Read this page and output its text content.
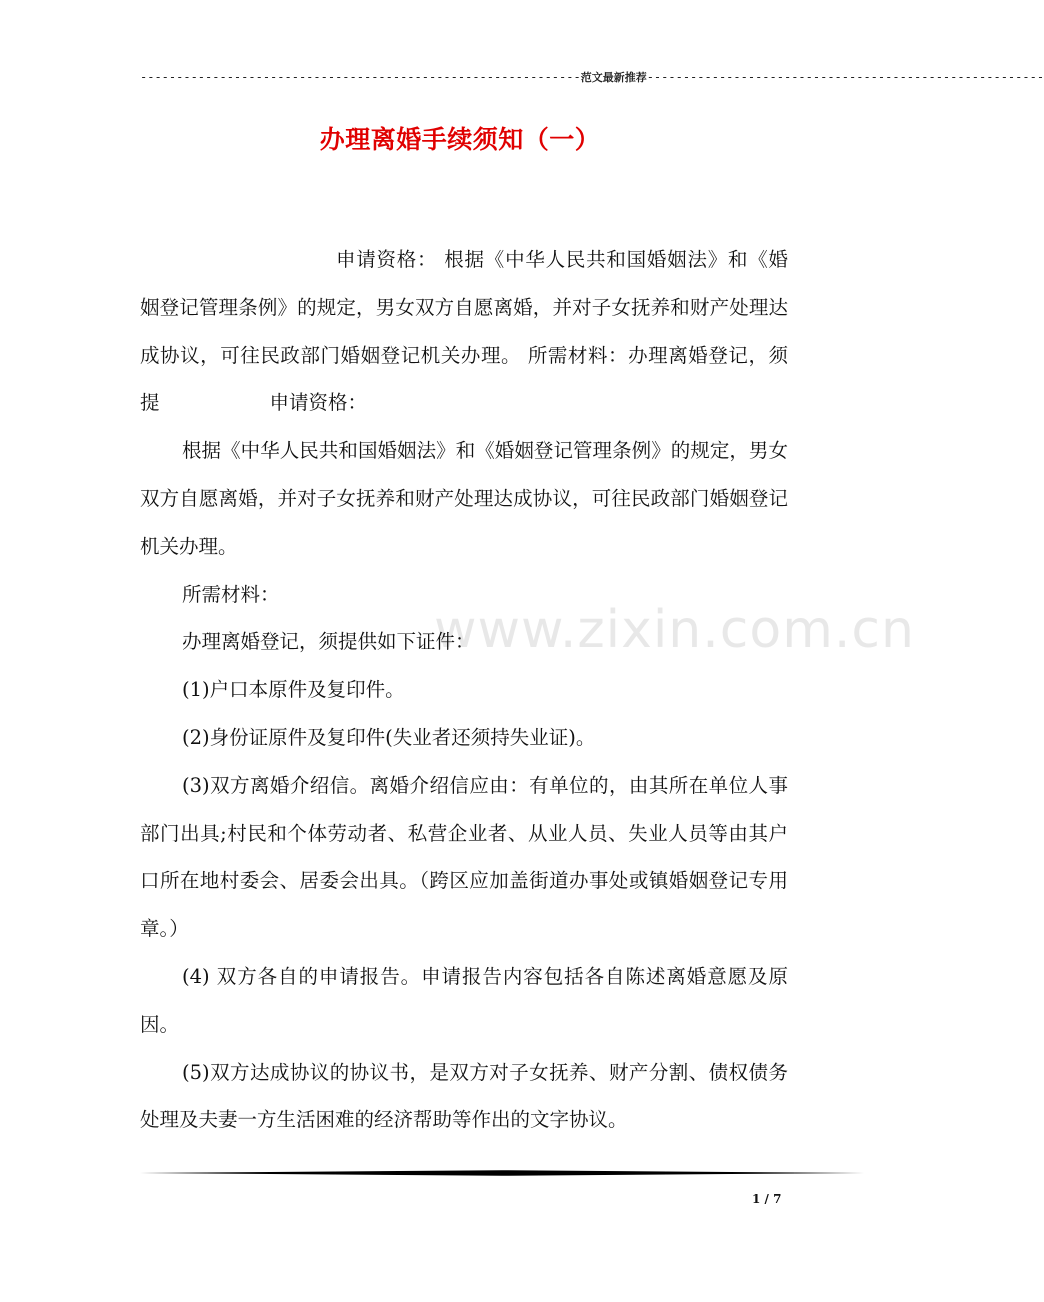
-------------------------------------------------------------范文最新推荐-------------------------------------------------------
办理离婚手续须知（一）
www.zixin.com.cn

申请资格： 根据《中华人民共和国婚姻法》和《婚姻登记管理条例》的规定，男女双方自愿离婚，并对子女抚养和财产处理达成协议，可往民政部门婚姻登记机关办理。 所需材料：办理离婚登记，须提	申请资格：

根据《中华人民共和国婚姻法》和《婚姻登记管理条例》的规定，男女双方自愿离婚，并对子女抚养和财产处理达成协议，可往民政部门婚姻登记机关办理。

所需材料：

办理离婚登记，须提供如下证件：

(1)户口本原件及复印件。

(2)身份证原件及复印件(失业者还须持失业证)。

(3)双方离婚介绍信。离婚介绍信应由：有单位的，由其所在单位人事部门出具;村民和个体劳动者、私营企业者、从业人员、失业人员等由其户口所在地村委会、居委会出具。（跨区应加盖街道办事处或镇婚姻登记专用章。）

(4) 双方各自的申请报告。申请报告内容包括各自陈述离婚意愿及原因。

(5)双方达成协议的协议书，是双方对子女抚养、财产分割、债权债务处理及夫妻一方生活困难的经济帮助等作出的文字协议。

1 / 7
